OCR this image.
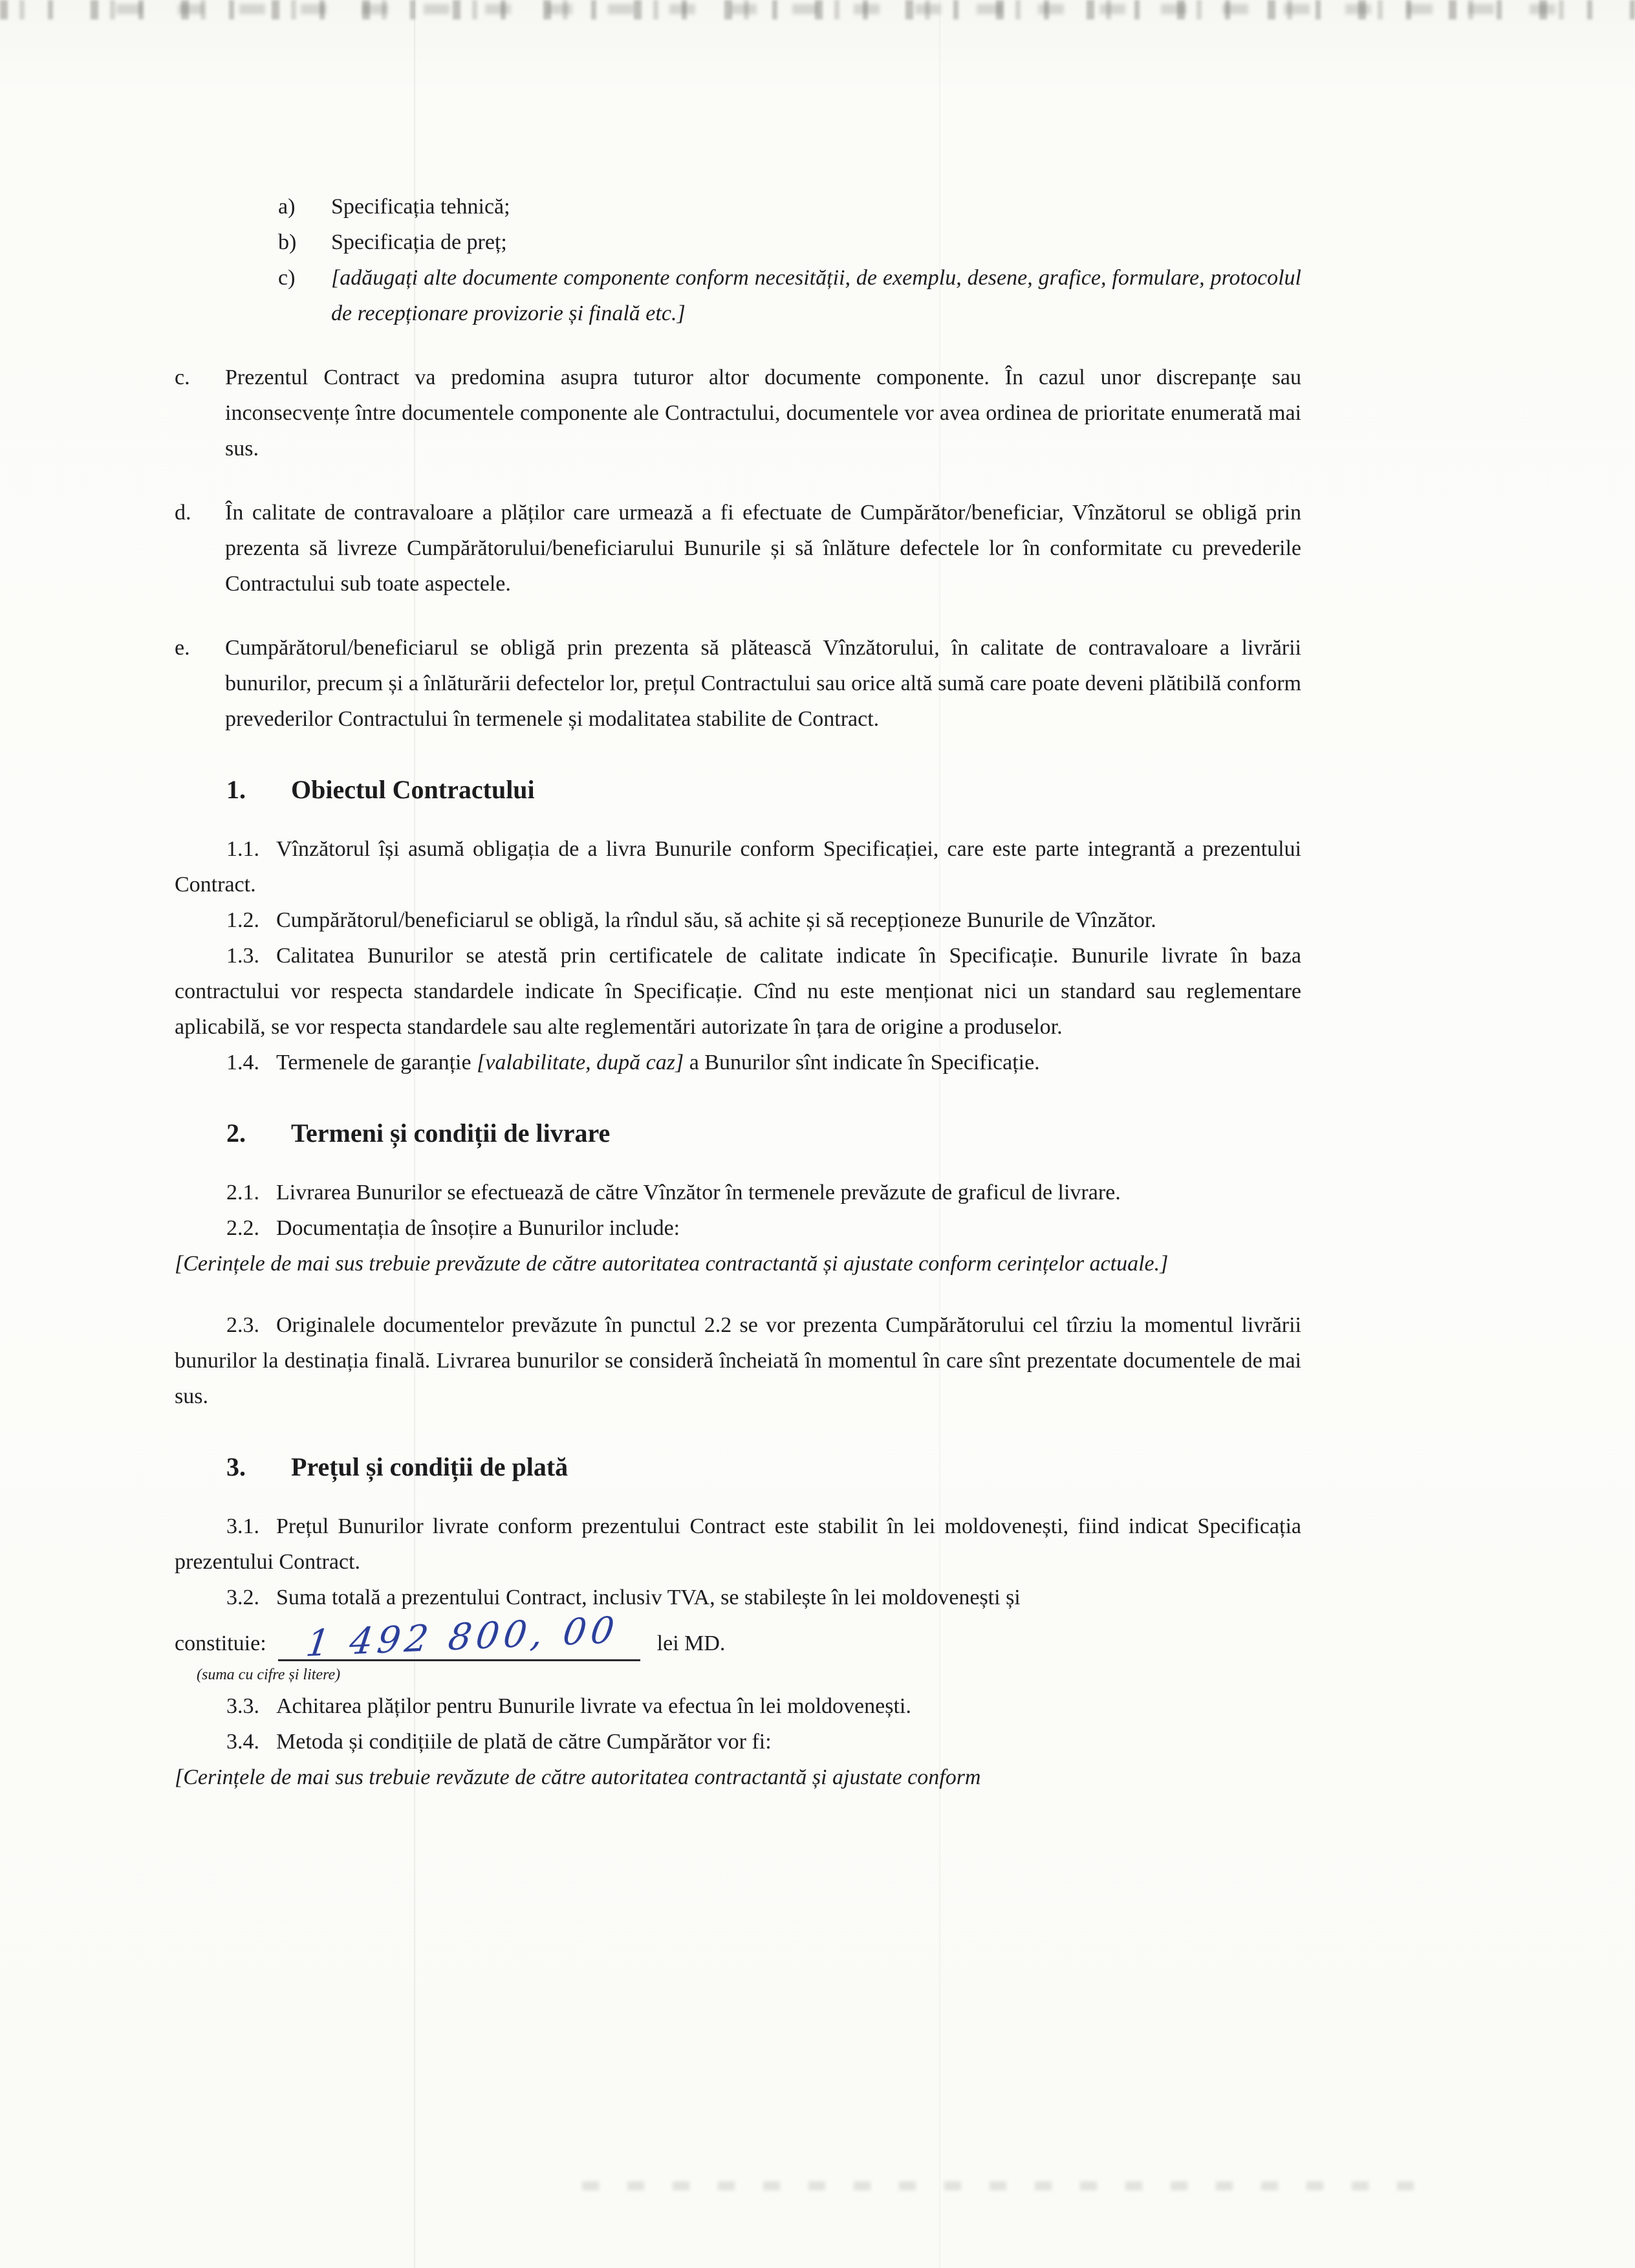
a)	Specificația tehnică;
b)	Specificația de preț;
c)	[adăugați alte documente componente conform necesității, de exemplu, desene, grafice, formulare, protocolul de recepționare provizorie și finală etc.]
c.	Prezentul Contract va predomina asupra tuturor altor documente componente. În cazul unor discrepanțe sau inconsecvențe între documentele componente ale Contractului, documentele vor avea ordinea de prioritate enumerată mai sus.
d.	În calitate de contravaloare a plăților care urmează a fi efectuate de Cumpărător/beneficiar, Vînzătorul se obligă prin prezenta să livreze Cumpărătorului/beneficiarului Bunurile și să înlăture defectele lor în conformitate cu prevederile Contractului sub toate aspectele.
e.	Cumpărătorul/beneficiarul se obligă prin prezenta să plătească Vînzătorului, în calitate de contravaloare a livrării bunurilor, precum și a înlăturării defectelor lor, prețul Contractului sau orice altă sumă care poate deveni plătibilă conform prevederilor Contractului în termenele și modalitatea stabilite de Contract.
1.	Obiectul Contractului

1.1. Vînzătorul își asumă obligația de a livra Bunurile conform Specificației, care este parte integrantă a prezentului Contract.

1.2. Cumpărătorul/beneficiarul se obligă, la rîndul său, să achite și să recepționeze Bunurile de Vînzător.

1.3. Calitatea Bunurilor se atestă prin certificatele de calitate indicate în Specificație. Bunurile livrate în baza contractului vor respecta standardele indicate în Specificație. Cînd nu este menționat nici un standard sau reglementare aplicabilă, se vor respecta standardele sau alte reglementări autorizate în țara de origine a produselor.

1.4. Termenele de garanție [valabilitate, după caz] a Bunurilor sînt indicate în Specificație.

2.	Termeni și condiții de livrare

2.1. Livrarea Bunurilor se efectuează de către Vînzător în termenele prevăzute de graficul de livrare.

2.2. Documentația de însoțire a Bunurilor include:

[Cerințele de mai sus trebuie prevăzute de către autoritatea contractantă și ajustate conform cerințelor actuale.]

2.3. Originalele documentelor prevăzute în punctul 2.2 se vor prezenta Cumpărătorului cel tîrziu la momentul livrării bunurilor la destinația finală. Livrarea bunurilor se consideră încheiată în momentul în care sînt prezentate documentele de mai sus.

3.	Prețul și condiții de plată

3.1. Prețul Bunurilor livrate conform prezentului Contract este stabilit în lei moldovenești, fiind indicat Specificația prezentului Contract.

3.2. Suma totală a prezentului Contract, inclusiv TVA, se stabilește în lei moldovenești și

constituie: 1 492 800, 00 lei MD.
(suma cu cifre și litere)

3.3. Achitarea plăților pentru Bunurile livrate va efectua în lei moldovenești.

3.4. Metoda și condițiile de plată de către Cumpărător vor fi:

[Cerințele de mai sus trebuie revăzute de către autoritatea contractantă și ajustate conform
